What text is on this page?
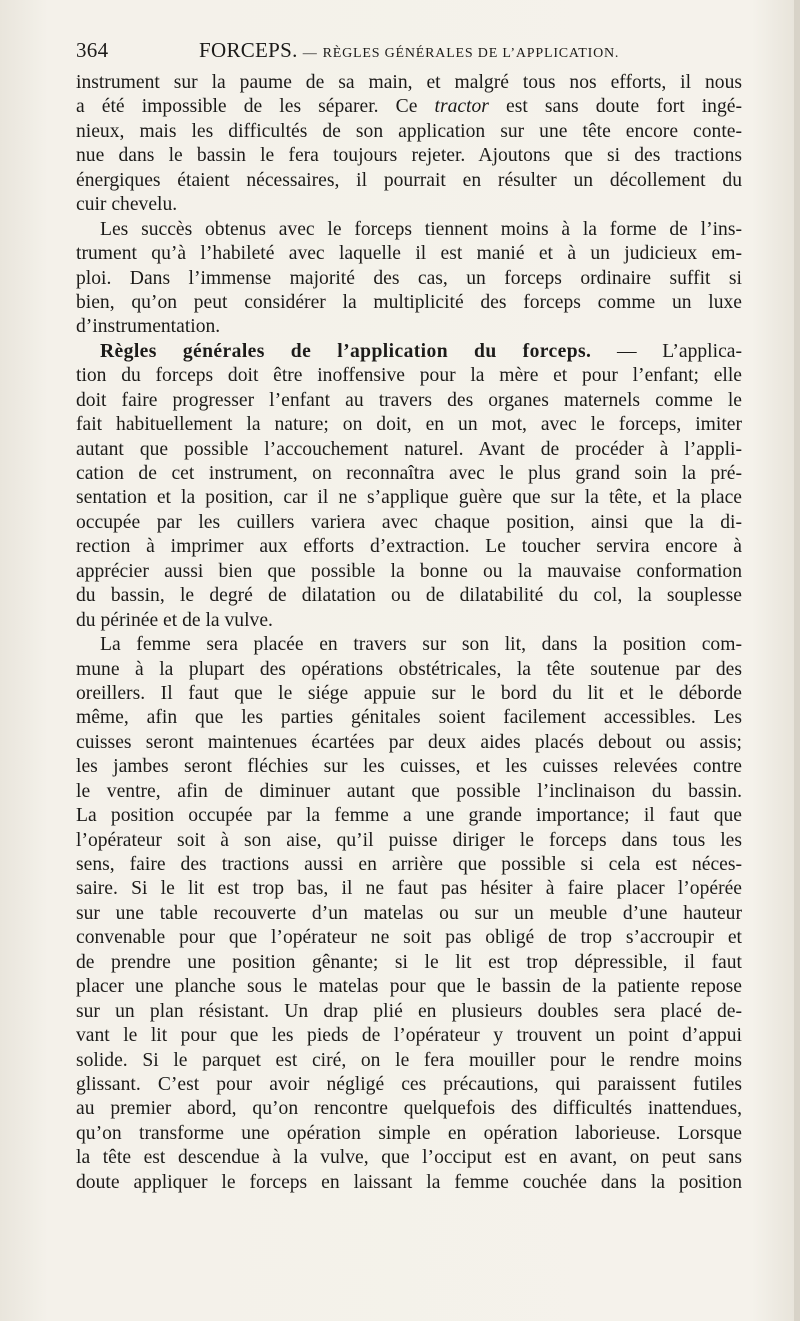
364	FORCEPS. — RÈGLES GÉNÉRALES DE L’APPLICATION.
instrument sur la paume de sa main, et malgré tous nos efforts, il nous
a été impossible de les séparer. Ce tractor est sans doute fort ingé-
nieux, mais les difficultés de son application sur une tête encore conte-
nue dans le bassin le fera toujours rejeter. Ajoutons que si des tractions
énergiques étaient nécessaires, il pourrait en résulter un décollement du
cuir chevelu.
Les succès obtenus avec le forceps tiennent moins à la forme de l’ins-
trument qu’à l’habileté avec laquelle il est manié et à un judicieux em-
ploi. Dans l’immense majorité des cas, un forceps ordinaire suffit si
bien, qu’on peut considérer la multiplicité des forceps comme un luxe
d’instrumentation.
Règles générales de l’application du forceps. — L’applica-
tion du forceps doit être inoffensive pour la mère et pour l’enfant; elle
doit faire progresser l’enfant au travers des organes maternels comme le
fait habituellement la nature; on doit, en un mot, avec le forceps, imiter
autant que possible l’accouchement naturel. Avant de procéder à l’appli-
cation de cet instrument, on reconnaîtra avec le plus grand soin la pré-
sentation et la position, car il ne s’applique guère que sur la tête, et la place
occupée par les cuillers variera avec chaque position, ainsi que la di-
rection à imprimer aux efforts d’extraction. Le toucher servira encore à
apprécier aussi bien que possible la bonne ou la mauvaise conformation
du bassin, le degré de dilatation ou de dilatabilité du col, la souplesse
du périnée et de la vulve.
La femme sera placée en travers sur son lit, dans la position com-
mune à la plupart des opérations obstétricales, la tête soutenue par des
oreillers. Il faut que le siége appuie sur le bord du lit et le déborde
même, afin que les parties génitales soient facilement accessibles. Les
cuisses seront maintenues écartées par deux aides placés debout ou assis;
les jambes seront fléchies sur les cuisses, et les cuisses relevées contre
le ventre, afin de diminuer autant que possible l’inclinaison du bassin.
La position occupée par la femme a une grande importance; il faut que
l’opérateur soit à son aise, qu’il puisse diriger le forceps dans tous les
sens, faire des tractions aussi en arrière que possible si cela est néces-
saire. Si le lit est trop bas, il ne faut pas hésiter à faire placer l’opérée
sur une table recouverte d’un matelas ou sur un meuble d’une hauteur
convenable pour que l’opérateur ne soit pas obligé de trop s’accroupir et
de prendre une position gênante; si le lit est trop dépressible, il faut
placer une planche sous le matelas pour que le bassin de la patiente repose
sur un plan résistant. Un drap plié en plusieurs doubles sera placé de-
vant le lit pour que les pieds de l’opérateur y trouvent un point d’appui
solide. Si le parquet est ciré, on le fera mouiller pour le rendre moins
glissant. C’est pour avoir négligé ces précautions, qui paraissent futiles
au premier abord, qu’on rencontre quelquefois des difficultés inattendues,
qu’on transforme une opération simple en opération laborieuse. Lorsque
la tête est descendue à la vulve, que l’occiput est en avant, on peut sans
doute appliquer le forceps en laissant la femme couchée dans la position
